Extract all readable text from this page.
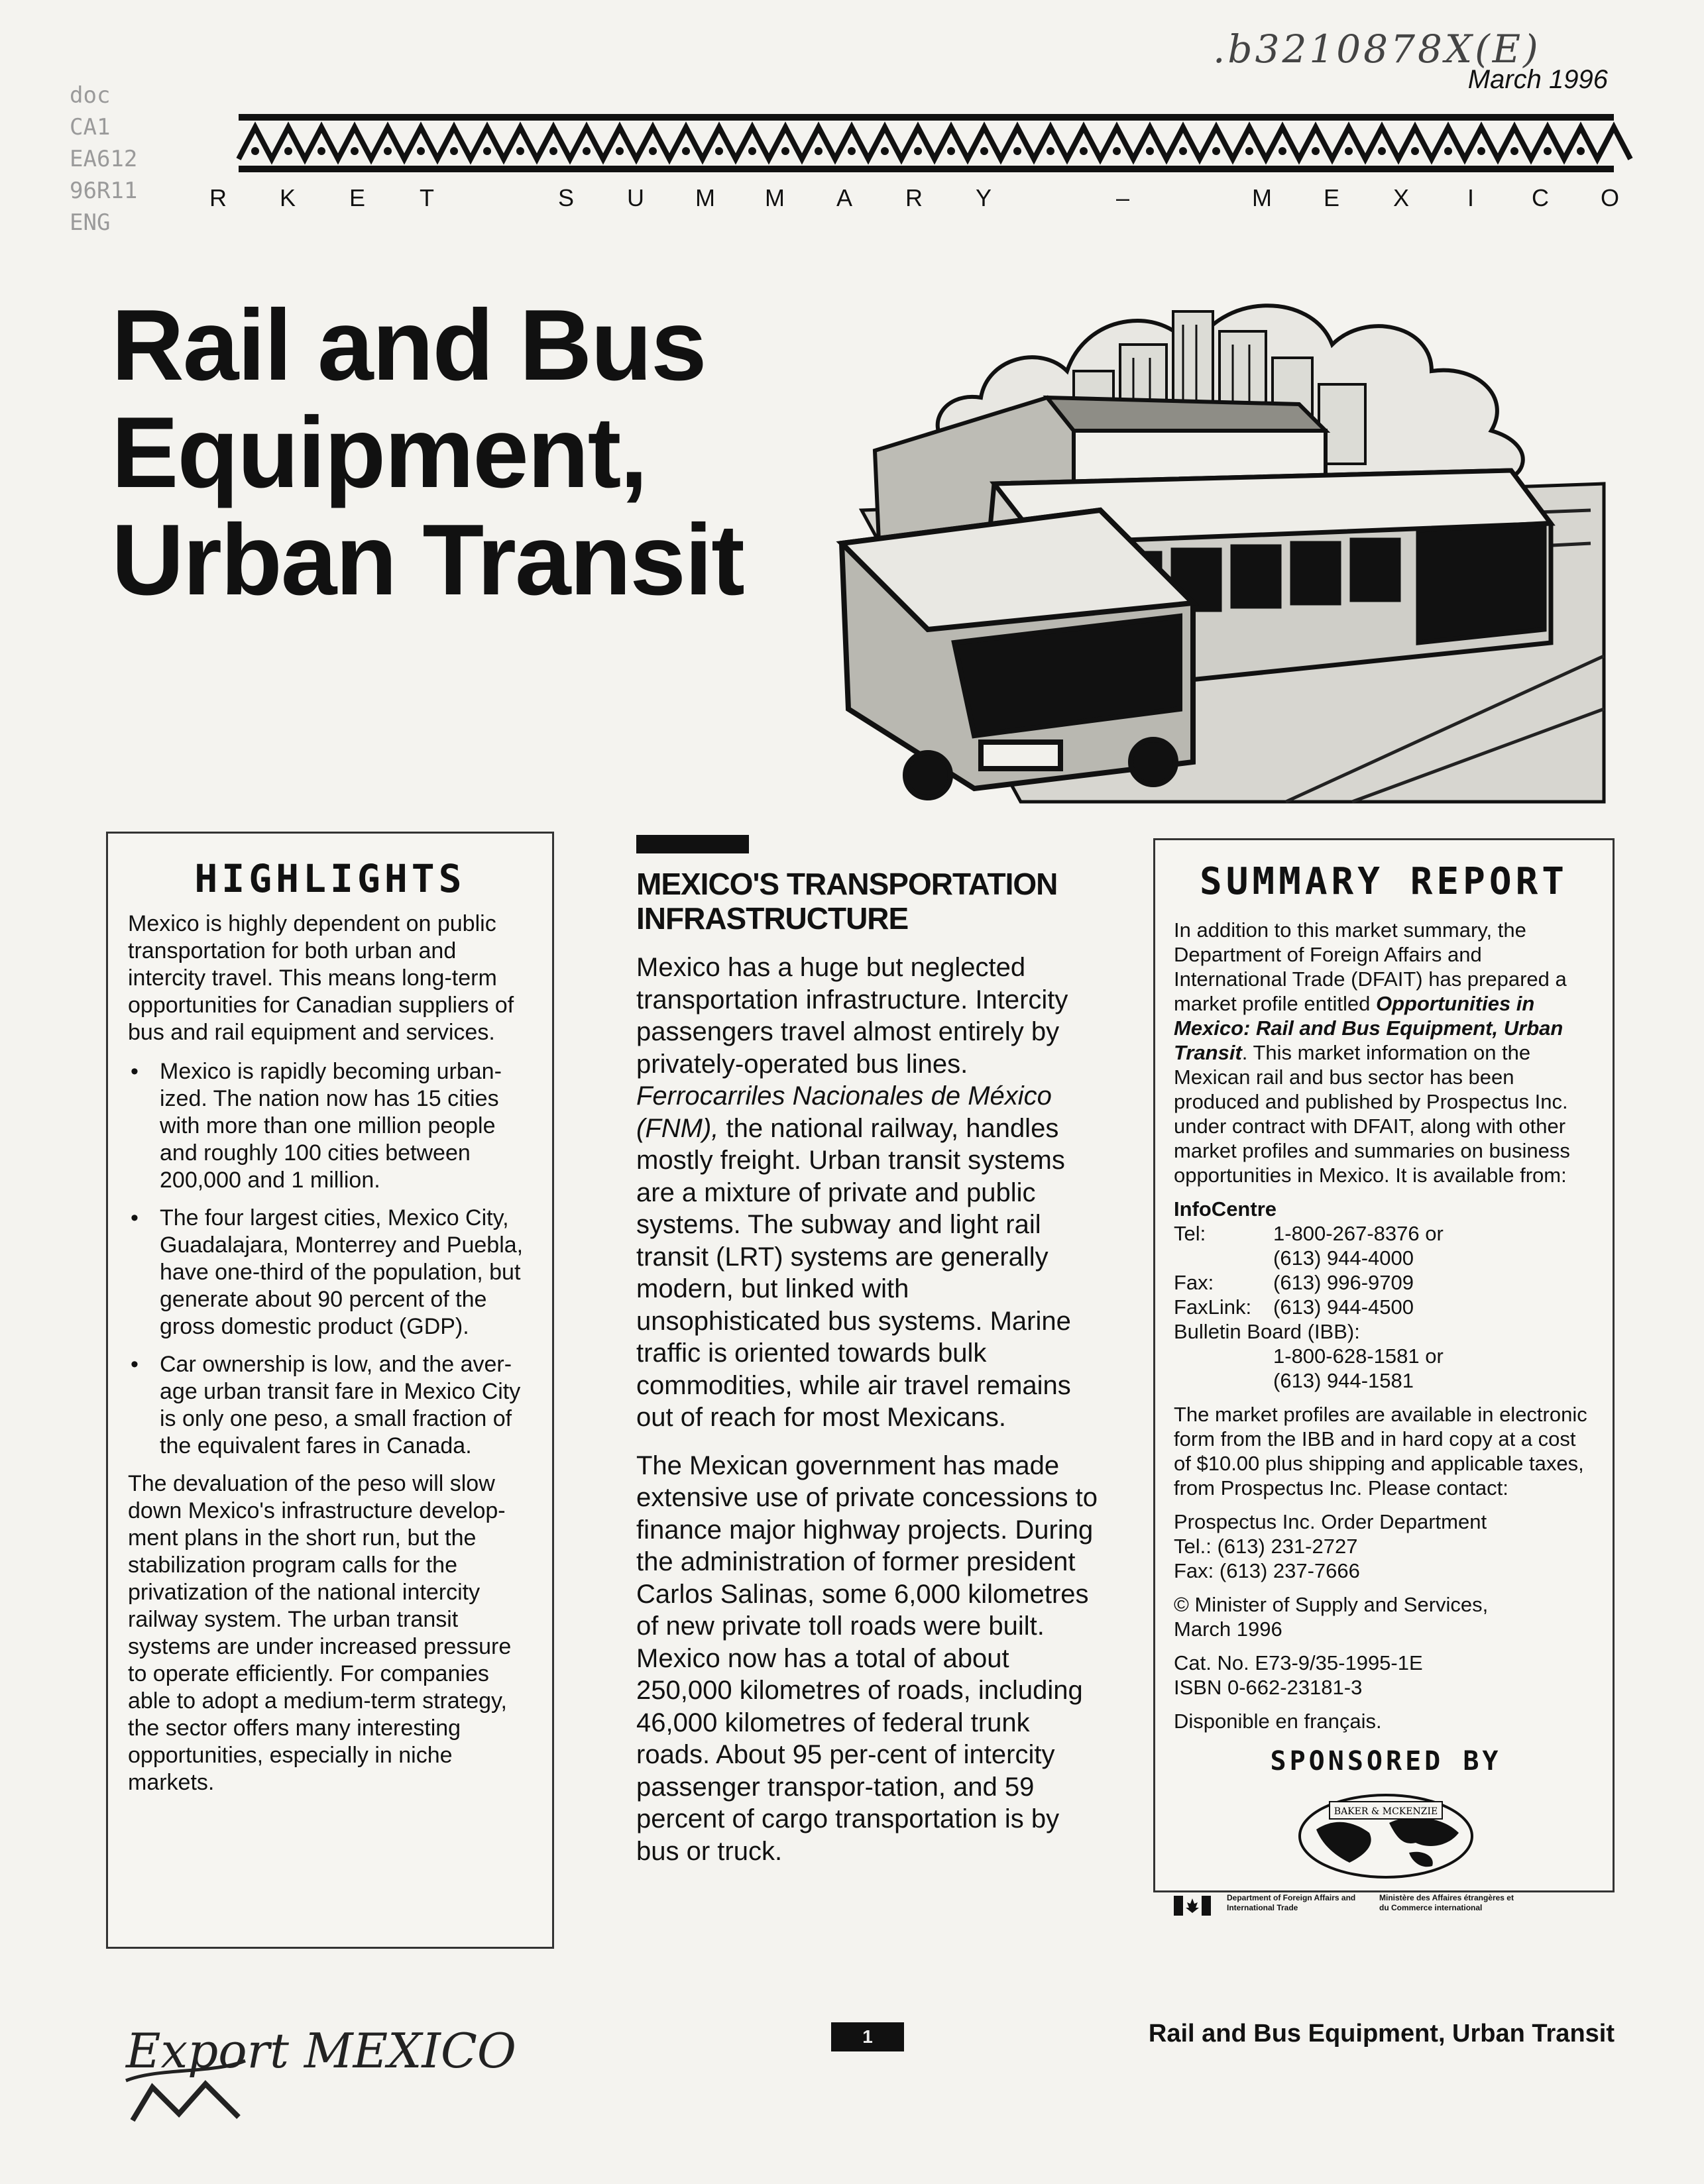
doc
CA1
EA612
96R11
ENG
.b3210878X(E)
March 1996
R	K	E	T	S	U	M	M	A	R	Y	–	M	E	X	I	C	O
Rail and Bus
Equipment,
Urban Transit
HIGHLIGHTS

Mexico is highly dependent on public transportation for both urban and intercity travel. This means long-term opportunities for Canadian suppliers of bus and rail equipment and services.

• Mexico is rapidly becoming urban-ized. The nation now has 15 cities with more than one million people and roughly 100 cities between 200,000 and 1 million.
• The four largest cities, Mexico City, Guadalajara, Monterrey and Puebla, have one-third of the population, but generate about 90 percent of the gross domestic product (GDP).
• Car ownership is low, and the aver-age urban transit fare in Mexico City is only one peso, a small fraction of the equivalent fares in Canada.

The devaluation of the peso will slow down Mexico's infrastructure develop-ment plans in the short run, but the stabilization program calls for the privatization of the national intercity railway system. The urban transit systems are under increased pressure to operate efficiently. For companies able to adopt a medium-term strategy, the sector offers many interesting opportunities, especially in niche markets.

MEXICO'S TRANSPORTATION INFRASTRUCTURE

Mexico has a huge but neglected transportation infrastructure. Intercity passengers travel almost entirely by privately-operated bus lines. Ferrocarriles Nacionales de México (FNM), the national railway, handles mostly freight. Urban transit systems are a mixture of private and public systems. The subway and light rail transit (LRT) systems are generally modern, but linked with unsophisticated bus systems. Marine traffic is oriented towards bulk commodities, while air travel remains out of reach for most Mexicans.

The Mexican government has made extensive use of private concessions to finance major highway projects. During the administration of former president Carlos Salinas, some 6,000 kilometres of new private toll roads were built. Mexico now has a total of about 250,000 kilometres of roads, including 46,000 kilometres of federal trunk roads. About 95 per-cent of intercity passenger transpor-tation, and 59 percent of cargo transportation is by bus or truck.

SUMMARY REPORT

In addition to this market summary, the Department of Foreign Affairs and International Trade (DFAIT) has prepared a market profile entitled Opportunities in Mexico: Rail and Bus Equipment, Urban Transit. This market information on the Mexican rail and bus sector has been produced and published by Prospectus Inc. under contract with DFAIT, along with other market profiles and summaries on business opportunities in Mexico. It is available from:

InfoCentre
Tel:	1-800-267-8376 or
(613) 944-4000
Fax:	(613) 996-9709
FaxLink:	(613) 944-4500
Bulletin Board (IBB):
1-800-628-1581 or
(613) 944-1581

The market profiles are available in electronic form from the IBB and in hard copy at a cost of $10.00 plus shipping and applicable taxes, from Prospectus Inc. Please contact:

Prospectus Inc. Order Department
Tel.: (613) 231-2727
Fax: (613) 237-7666
© Minister of Supply and Services,
March 1996
Cat. No. E73-9/35-1995-1E
ISBN 0-662-23181-3
Disponible en français.
SPONSORED BY
BAKER & MCKENZIE
Department of Foreign Affairs and International Trade
Ministère des Affaires étrangères et du Commerce international
Export MEXICO	1	Rail and Bus Equipment, Urban Transit
